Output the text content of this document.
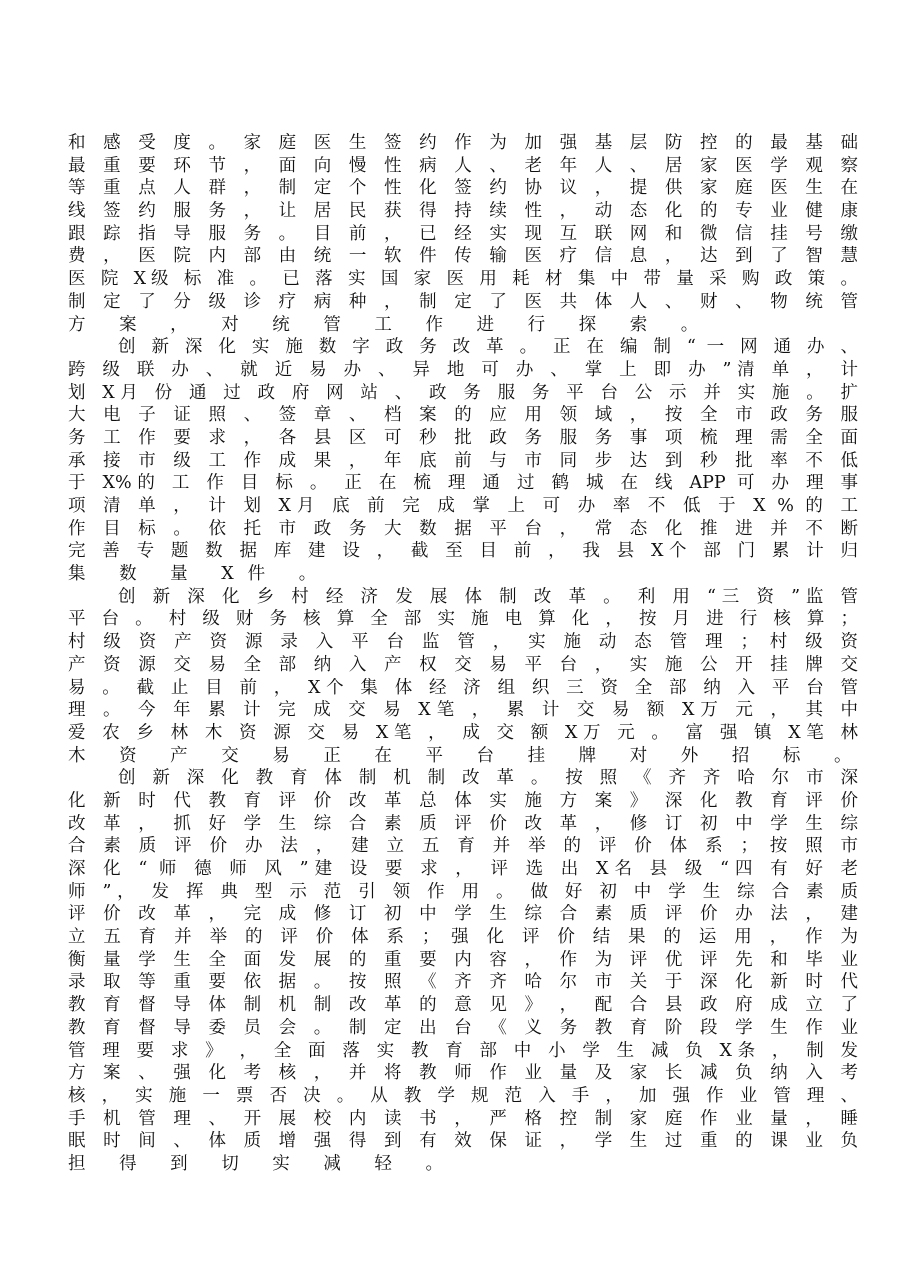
和 感 受 度 。 家 庭 医 生 签 约 作 为 加 强 基 层 防 控 的 最 基 础
最 重 要 环 节 ， 面 向 慢 性 病 人 、 老 年 人 、 居 家 医 学 观 察
等 重 点 人 群 ， 制 定 个 性 化 签 约 协 议 ， 提 供 家 庭 医 生 在
线 签 约 服 务 ， 让 居 民 获 得 持 续 性 ， 动 态 化 的 专 业 健 康
跟 踪 指 导 服 务 。 目 前 ， 已 经 实 现 互 联 网 和 微 信 挂 号 缴
费 ， 医 院 内 部 由 统 一 软 件 传 输 医 疗 信 息 ， 达 到 了 智 慧
医 院 X级 标 准 。 已 落 实 国 家 医 用 耗 材 集 中 带 量 采 购 政 策 。
制 定 了 分 级 诊 疗 病 种 ， 制 定 了 医 共 体 人 、 财 、 物 统 管
方 案 ， 对 统 管 工 作 进 行 探 索 。
创 新 深 化 实 施 数 字 政 务 改 革 。 正 在 编 制 “ 一 网 通 办 、
跨 级 联 办 、 就 近 易 办 、 异 地 可 办 、 掌 上 即 办 ”清 单 ， 计
划 X月 份 通 过 政 府 网 站 、 政 务 服 务 平 台 公 示 并 实 施 。 扩
大 电 子 证 照 、 签 章 、 档 案 的 应 用 领 域 ， 按 全 市 政 务 服
务 工 作 要 求 ， 各 县 区 可 秒 批 政 务 服 务 事 项 梳 理 需 全 面
承 接 市 级 工 作 成 果 ， 年 底 前 与 市 同 步 达 到 秒 批 率 不 低
于 X%的 工 作 目 标 。 正 在 梳 理 通 过 鹤 城 在 线 APP 可 办 理 事
项 清 单 ， 计 划 X月 底 前 完 成 掌 上 可 办 率 不 低 于 X % 的 工
作 目 标 。 依 托 市 政 务 大 数 据 平 台 ， 常 态 化 推 进 并 不 断
完 善 专 题 数 据 库 建 设 ， 截 至 目 前 ， 我 县 X个 部 门 累 计 归
集 数 量 X件 。
创 新 深 化 乡 村 经 济 发 展 体 制 改 革 。 利 用 “三 资 ”监 管
平 台 。 村 级 财 务 核 算 全 部 实 施 电 算 化 ， 按 月 进 行 核 算 ；
村 级 资 产 资 源 录 入 平 台 监 管 ， 实 施 动 态 管 理 ； 村 级 资
产 资 源 交 易 全 部 纳 入 产 权 交 易 平 台 ， 实 施 公 开 挂 牌 交
易 。 截 止 目 前 ， X个 集 体 经 济 组 织 三 资 全 部 纳 入 平 台 管
理 。 今 年 累 计 完 成 交 易 X笔 ， 累 计 交 易 额 X万 元 ， 其 中
爱 农 乡 林 木 资 源 交 易 X笔 ， 成 交 额 X万 元 。 富 强 镇 X笔 林
木 资 产 交 易 正 在 平 台 挂 牌 对 外 招 标 。
创 新 深 化 教 育 体 制 机 制 改 革 。 按 照 《 齐 齐 哈 尔 市 深
化 新 时 代 教 育 评 价 改 革 总 体 实 施 方 案 》 深 化 教 育 评 价
改 革 ， 抓 好 学 生 综 合 素 质 评 价 改 革 ， 修 订 初 中 学 生 综
合 素 质 评 价 办 法 ， 建 立 五 育 并 举 的 评 价 体 系 ； 按 照 市
深 化 “ 师 德 师 风 ”建 设 要 求 ， 评 选 出 X名 县 级 “四 有 好 老
师 ”， 发 挥 典 型 示 范 引 领 作 用 。 做 好 初 中 学 生 综 合 素 质
评 价 改 革 ， 完 成 修 订 初 中 学 生 综 合 素 质 评 价 办 法 ， 建
立 五 育 并 举 的 评 价 体 系 ； 强 化 评 价 结 果 的 运 用 ， 作 为
衡 量 学 生 全 面 发 展 的 重 要 内 容 ， 作 为 评 优 评 先 和 毕 业
录 取 等 重 要 依 据 。 按 照 《 齐 齐 哈 尔 市 关 于 深 化 新 时 代
教 育 督 导 体 制 机 制 改 革 的 意 见 》 ， 配 合 县 政 府 成 立 了
教 育 督 导 委 员 会 。 制 定 出 台 《 义 务 教 育 阶 段 学 生 作 业
管 理 要 求 》 ， 全 面 落 实 教 育 部 中 小 学 生 减 负 X条 ， 制 发
方 案 、 强 化 考 核 ， 并 将 教 师 作 业 量 及 家 长 减 负 纳 入 考
核 ， 实 施 一 票 否 决 。 从 教 学 规 范 入 手 ， 加 强 作 业 管 理 、
手 机 管 理 、 开 展 校 内 读 书 ， 严 格 控 制 家 庭 作 业 量 ， 睡
眠 时 间 、 体 质 增 强 得 到 有 效 保 证 ， 学 生 过 重 的 课 业 负
担 得 到 切 实 减 轻 。
